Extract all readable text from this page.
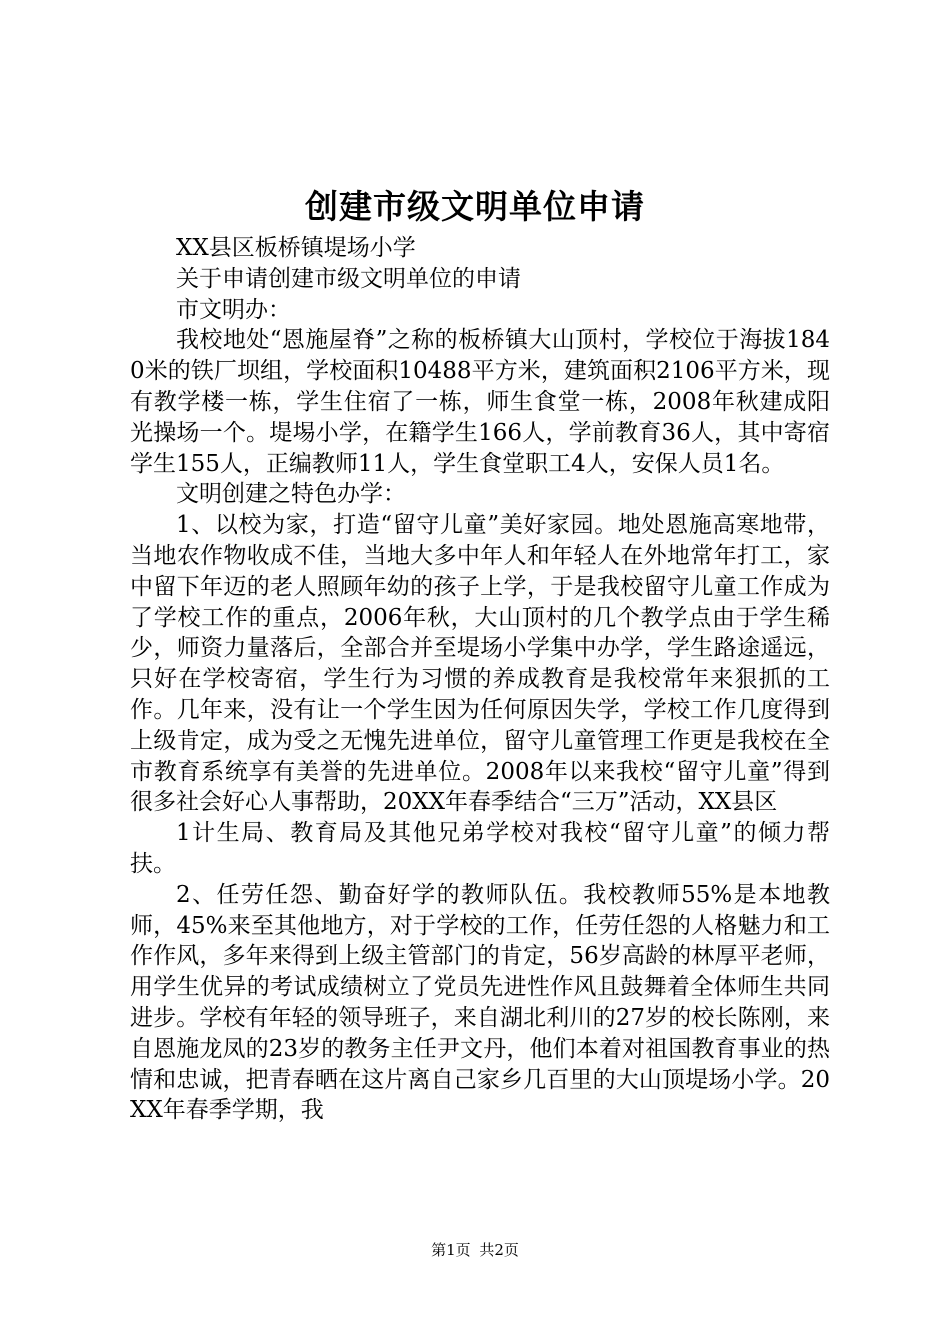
创建市级文明单位申请

XX县区板桥镇堤场小学

关于申请创建市级文明单位的申请

市文明办：

我校地处“恩施屋脊”之称的板桥镇大山顶村，学校位于海拔1840米的铁厂坝组，学校面积10488平方米，建筑面积2106平方米，现有教学楼一栋，学生住宿了一栋，师生食堂一栋，2008年秋建成阳光操场一个。堤埸小学，在籍学生166人，学前教育36人，其中寄宿学生155人，正编教师11人，学生食堂职工4人，安保人员1名。

文明创建之特色办学：

1、以校为家，打造“留守儿童”美好家园。地处恩施高寒地带，当地农作物收成不佳，当地大多中年人和年轻人在外地常年打工，家中留下年迈的老人照顾年幼的孩子上学，于是我校留守儿童工作成为了学校工作的重点，2006年秋，大山顶村的几个教学点由于学生稀少，师资力量落后，全部合并至堤场小学集中办学，学生路途遥远，只好在学校寄宿，学生行为习惯的养成教育是我校常年来狠抓的工作。几年来，没有让一个学生因为任何原因失学，学校工作几度得到上级肯定，成为受之无愧先进单位，留守儿童管理工作更是我校在全市教育系统享有美誉的先进单位。2008年以来我校“留守儿童”得到很多社会好心人事帮助，20XX年春季结合“三万”活动，XX县区

1计生局、教育局及其他兄弟学校对我校“留守儿童”的倾力帮扶。

2、任劳任怨、勤奋好学的教师队伍。我校教师55%是本地教师，45%来至其他地方，对于学校的工作，任劳任怨的人格魅力和工作作风，多年来得到上级主管部门的肯定，56岁高龄的林厚平老师，用学生优异的考试成绩树立了党员先进性作风且鼓舞着全体师生共同进步。学校有年轻的领导班子，来自湖北利川的27岁的校长陈刚，来自恩施龙凤的23岁的教务主任尹文丹，他们本着对祖国教育事业的热情和忠诚，把青春晒在这片离自己家乡几百里的大山顶堤场小学。20XX年春季学期，我

第1页 共2页
